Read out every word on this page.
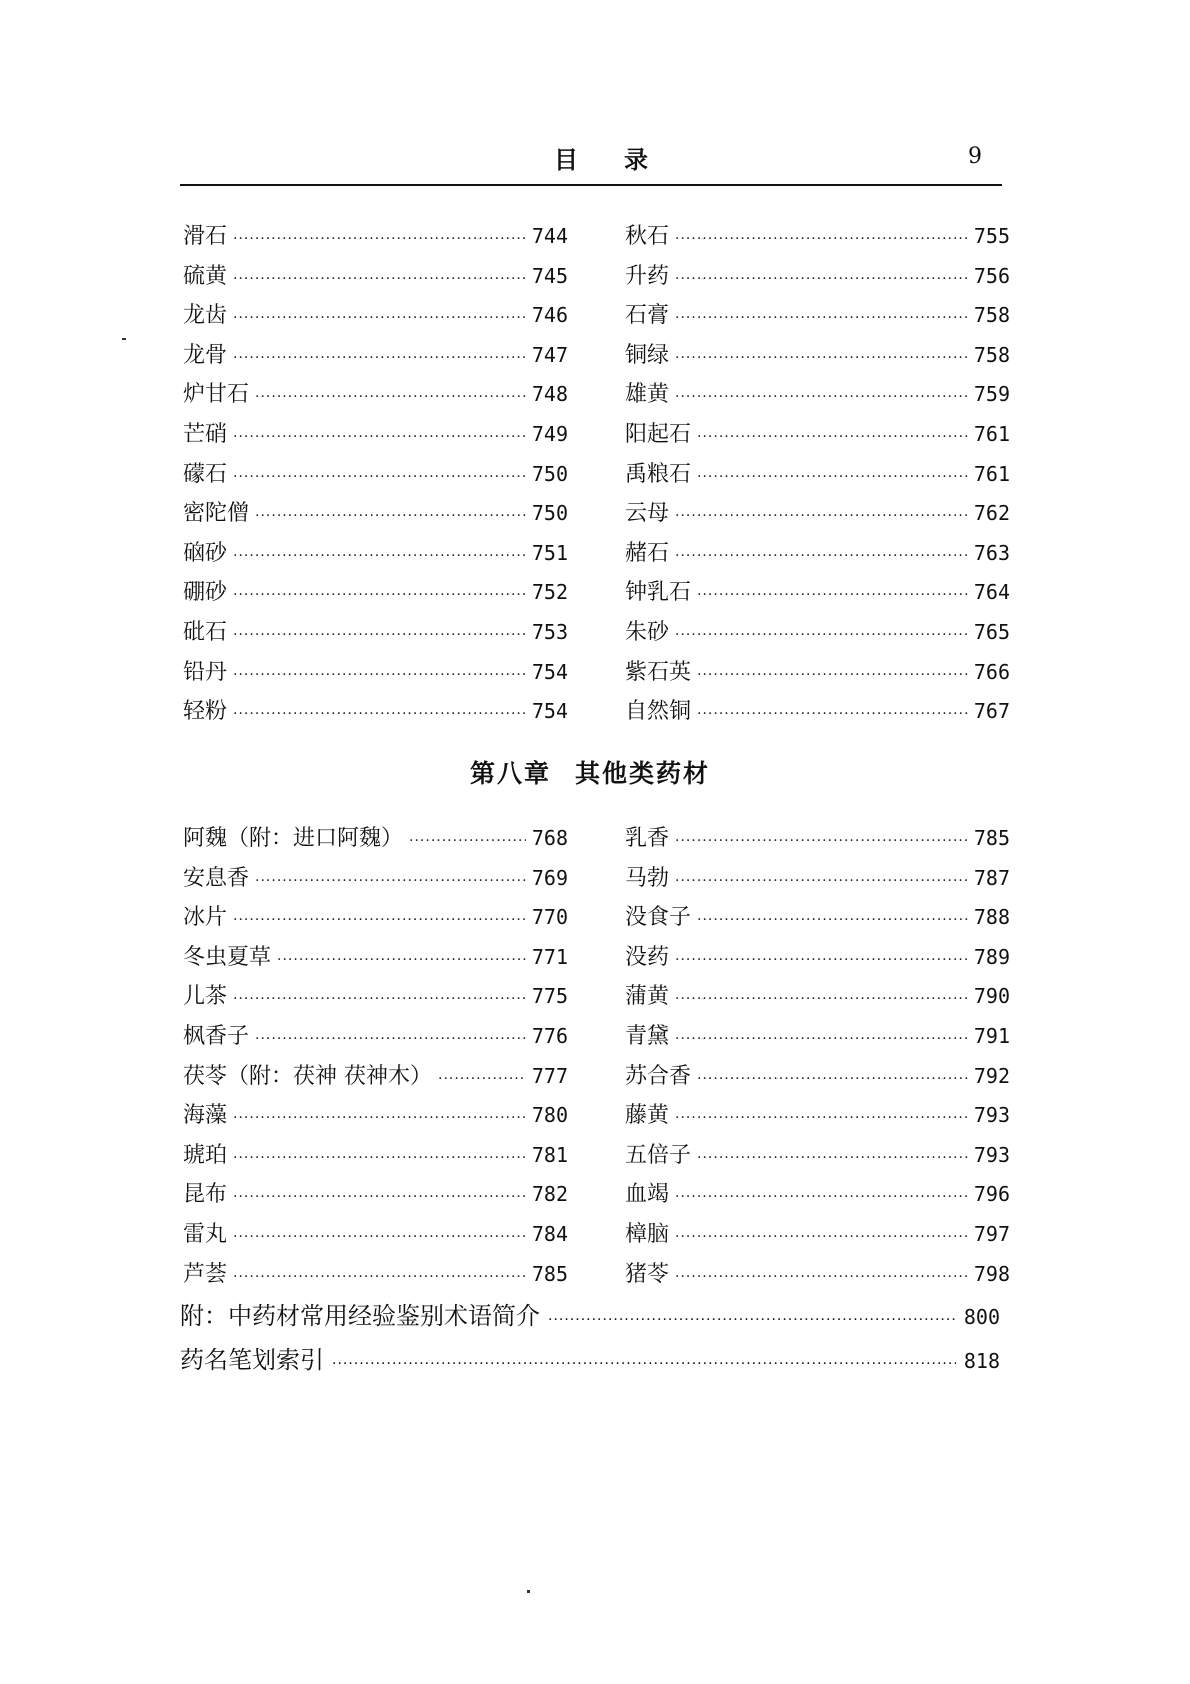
目录	9
滑石 ·····	744
硫黄 ·····	745
龙齿 ·····	746
龙骨 ·····	747
炉甘石 ·····	748
芒硝 ·····	749
礞石 ·····	750
密陀僧 ·····	750
硇砂 ·····	751
硼砂 ·····	752
砒石 ·····	753
铅丹 ·····	754
轻粉 ·····	754
秋石 ·····	755
升药 ·····	756
石膏 ·····	758
铜绿 ·····	758
雄黄 ·····	759
阳起石 ·····	761
禹粮石 ·····	761
云母 ·····	762
赭石 ·····	763
钟乳石 ·····	764
朱砂 ·····	765
紫石英 ·····	766
自然铜 ·····	767
第八章 其他类药材
阿魏（附：进口阿魏） ·····	768
安息香 ·····	769
冰片 ·····	770
冬虫夏草 ·····	771
儿茶 ·····	775
枫香子 ·····	776
茯苓（附：茯神 茯神木） ·····	777
海藻 ·····	780
琥珀 ·····	781
昆布 ·····	782
雷丸 ·····	784
芦荟 ·····	785
乳香 ·····	785
马勃 ·····	787
没食子 ·····	788
没药 ·····	789
蒲黄 ·····	790
青黛 ·····	791
苏合香 ·····	792
藤黄 ·····	793
五倍子 ·····	793
血竭 ·····	796
樟脑 ·····	797
猪苓 ·····	798
附：中药材常用经验鉴别术语简介 ·····	800
药名笔划索引 ·····	818
